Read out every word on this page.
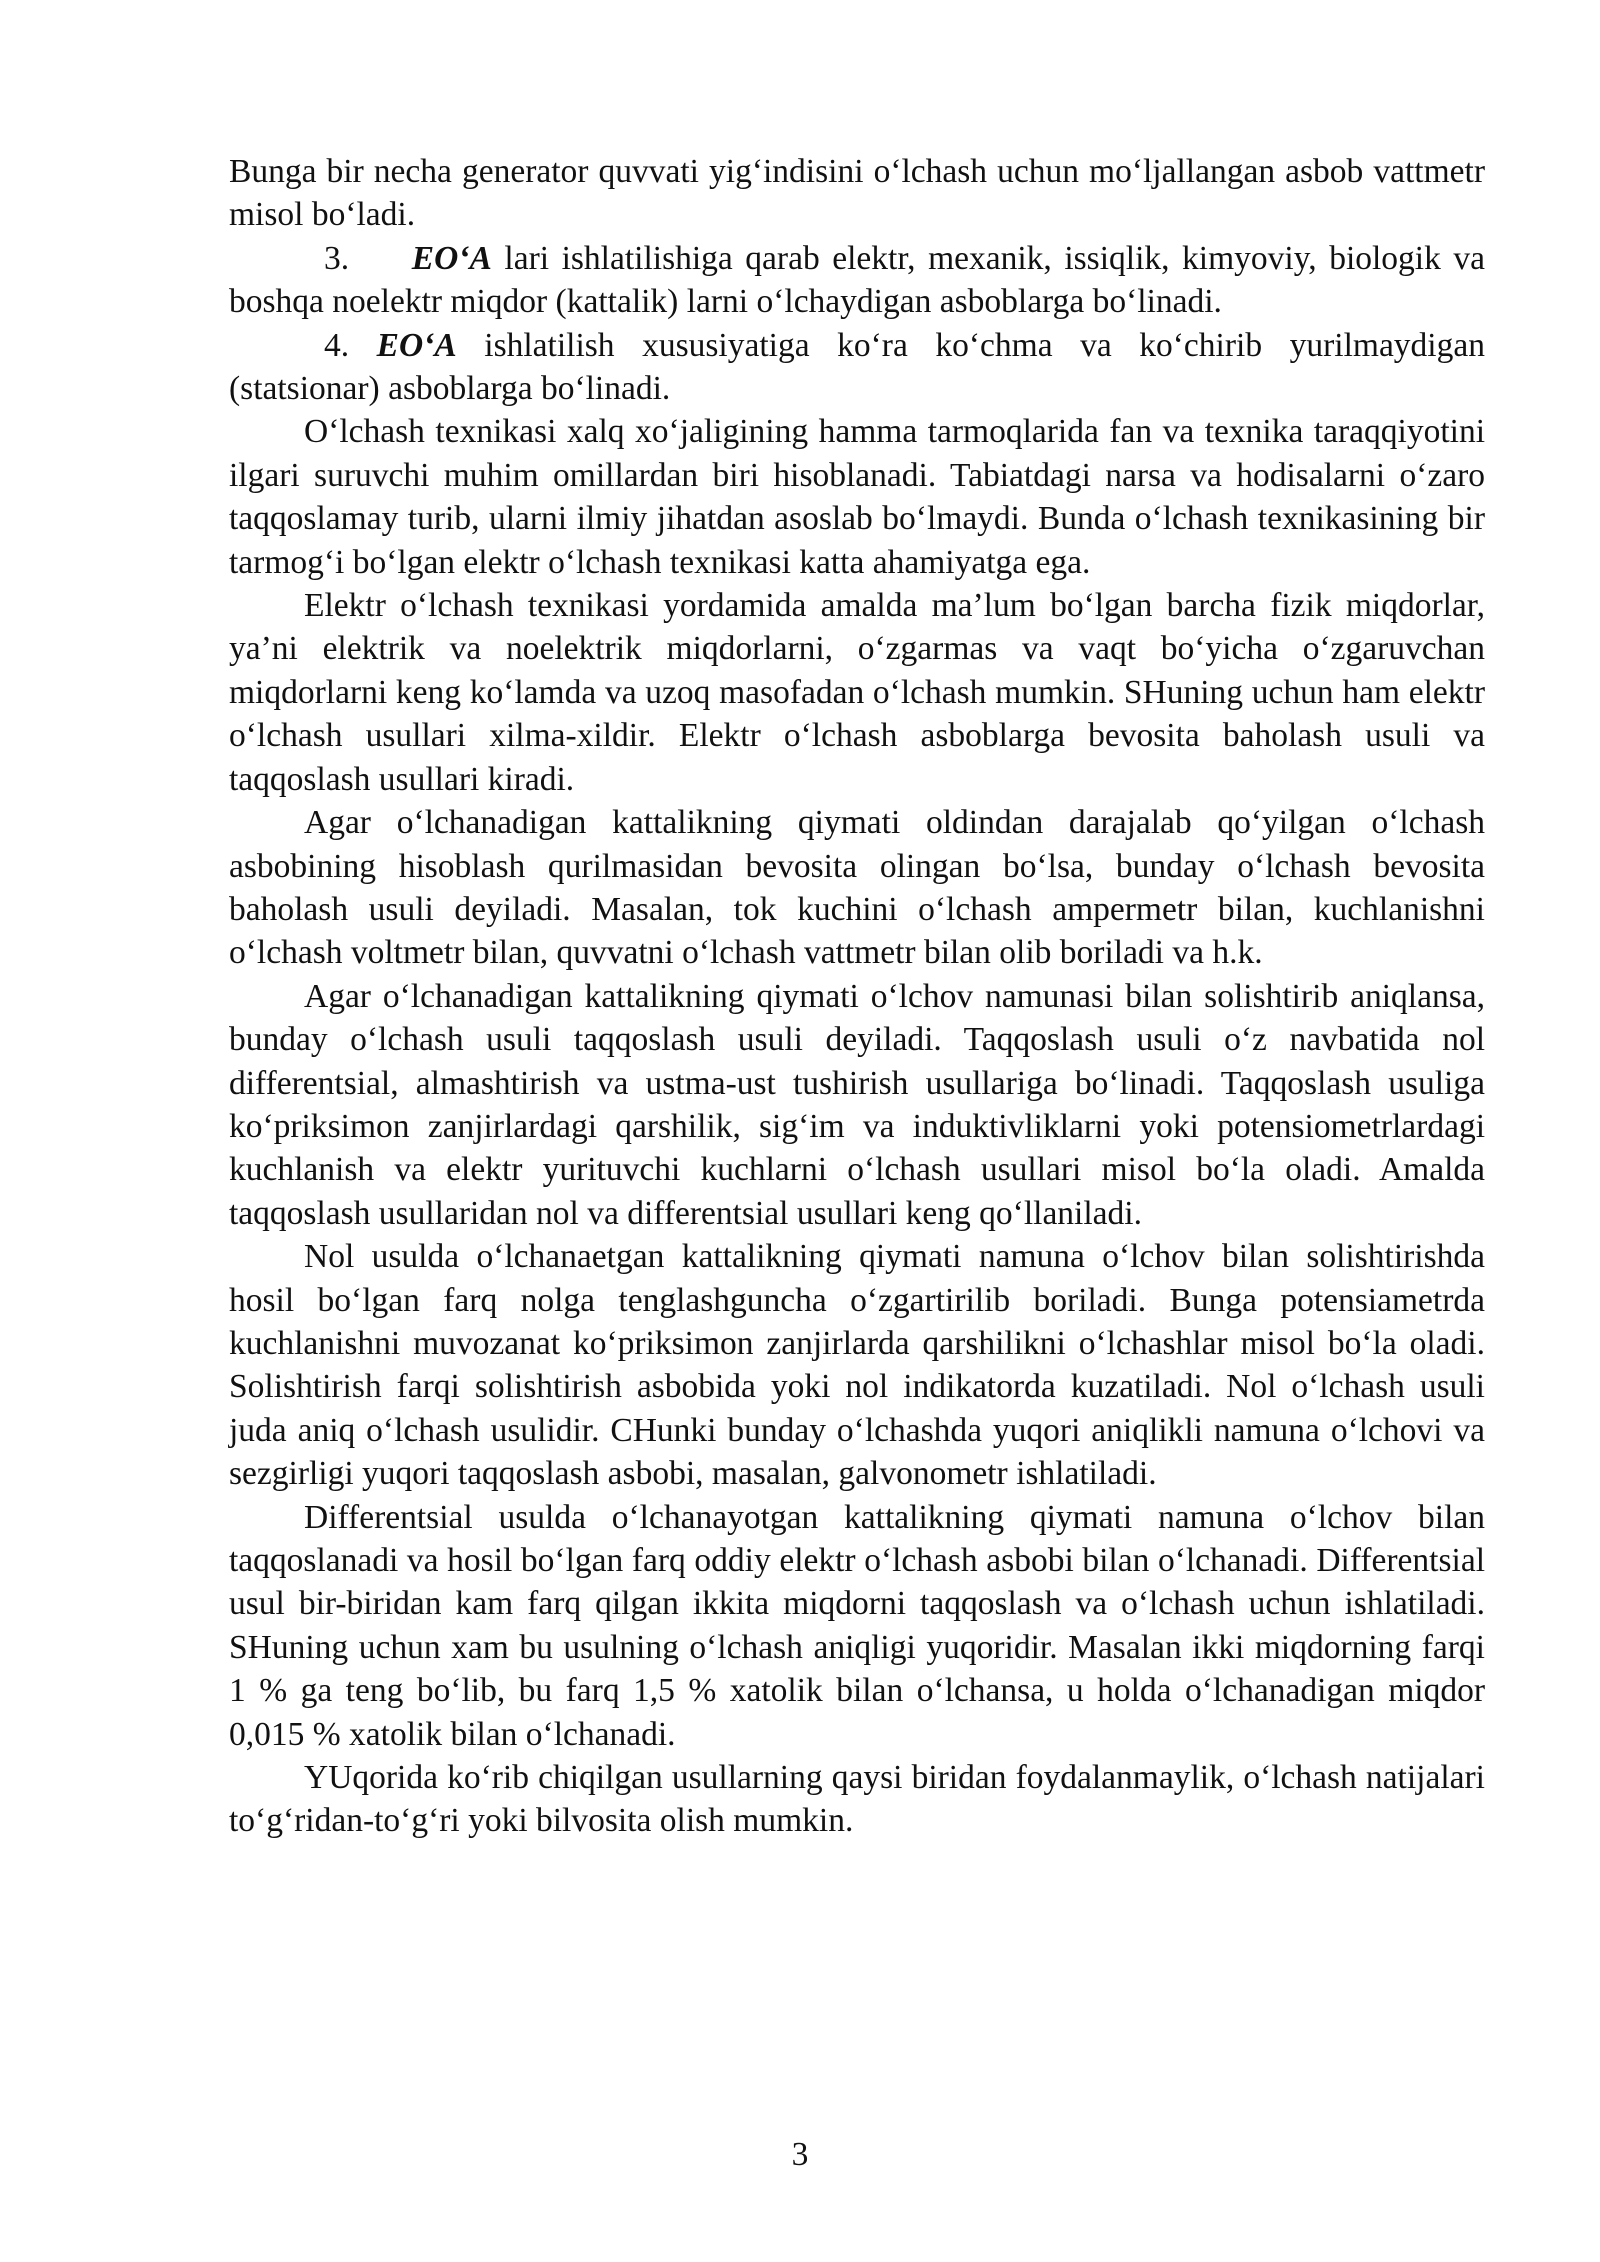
Bunga bir necha generator quvvati yig‘indisini o‘lchash uchun mo‘ljallangan asbob vattmetr misol bo‘ladi.

3. EO‘A lari ishlatilishiga qarab elektr, mexanik, issiqlik, kimyoviy, biologik va boshqa noelektr miqdor (kattalik) larni o‘lchaydigan asboblarga bo‘linadi.

4. EO‘A ishlatilish xususiyatiga ko‘ra ko‘chma va ko‘chirib yurilmaydigan (statsionar) asboblarga bo‘linadi.

O‘lchash texnikasi xalq xo‘jaligining hamma tarmoqlarida fan va texnika taraqqiyotini ilgari suruvchi muhim omillardan biri hisoblanadi. Tabiatdagi narsa va hodisalarni o‘zaro taqqoslamay turib, ularni ilmiy jihatdan asoslab bo‘lmaydi. Bunda o‘lchash texnikasining bir tarmog‘i bo‘lgan elektr o‘lchash texnikasi katta ahamiyatga ega.

Elektr o‘lchash texnikasi yordamida amalda ma’lum bo‘lgan barcha fizik miqdorlar, ya’ni elektrik va noelektrik miqdorlarni, o‘zgarmas va vaqt bo‘yicha o‘zgaruvchan miqdorlarni keng ko‘lamda va uzoq masofadan o‘lchash mumkin. SHuning uchun ham elektr o‘lchash usullari xilma-xildir. Elektr o‘lchash asboblarga bevosita baholash usuli va taqqoslash usullari kiradi.

Agar o‘lchanadigan kattalikning qiymati oldindan darajalab qo‘yilgan o‘lchash asbobining hisoblash qurilmasidan bevosita olingan bo‘lsa, bunday o‘lchash bevosita baholash usuli deyiladi. Masalan, tok kuchini o‘lchash ampermetr bilan, kuchlanishni o‘lchash voltmetr bilan, quvvatni o‘lchash vattmetr bilan olib boriladi va h.k.

Agar o‘lchanadigan kattalikning qiymati o‘lchov namunasi bilan solishtirib aniqlansa, bunday o‘lchash usuli taqqoslash usuli deyiladi. Taqqoslash usuli o‘z navbatida nol differentsial, almashtirish va ustma-ust tushirish usullariga bo‘linadi. Taqqoslash usuliga ko‘priksimon zanjirlardagi qarshilik, sig‘im va induktivliklarni yoki potensiometrlardagi kuchlanish va elektr yurituvchi kuchlarni o‘lchash usullari misol bo‘la oladi. Amalda taqqoslash usullaridan nol va differentsial usullari keng qo‘llaniladi.

Nol usulda o‘lchanaetgan kattalikning qiymati namuna o‘lchov bilan solishtirishda hosil bo‘lgan farq nolga tenglashguncha o‘zgartirilib boriladi. Bunga potensiametrda kuchlanishni muvozanat ko‘priksimon zanjirlarda qarshilikni o‘lchashlar misol bo‘la oladi. Solishtirish farqi solishtirish asbobida yoki nol indikatorda kuzatiladi. Nol o‘lchash usuli juda aniq o‘lchash usulidir. CHunki bunday o‘lchashda yuqori aniqlikli namuna o‘lchovi va sezgirligi yuqori taqqoslash asbobi, masalan, galvonometr ishlatiladi.

Differentsial usulda o‘lchanayotgan kattalikning qiymati namuna o‘lchov bilan taqqoslanadi va hosil bo‘lgan farq oddiy elektr o‘lchash asbobi bilan o‘lchanadi. Differentsial usul bir-biridan kam farq qilgan ikkita miqdorni taqqoslash va o‘lchash uchun ishlatiladi. SHuning uchun xam bu usulning o‘lchash aniqligi yuqoridir. Masalan ikki miqdorning farqi 1 % ga teng bo‘lib, bu farq 1,5 % xatolik bilan o‘lchansa, u holda o‘lchanadigan miqdor 0,015 % xatolik bilan o‘lchanadi.

YUqorida ko‘rib chiqilgan usullarning qaysi biridan foydalanmaylik, o‘lchash natijalari to‘g‘ridan-to‘g‘ri yoki bilvosita olish mumkin.

3
